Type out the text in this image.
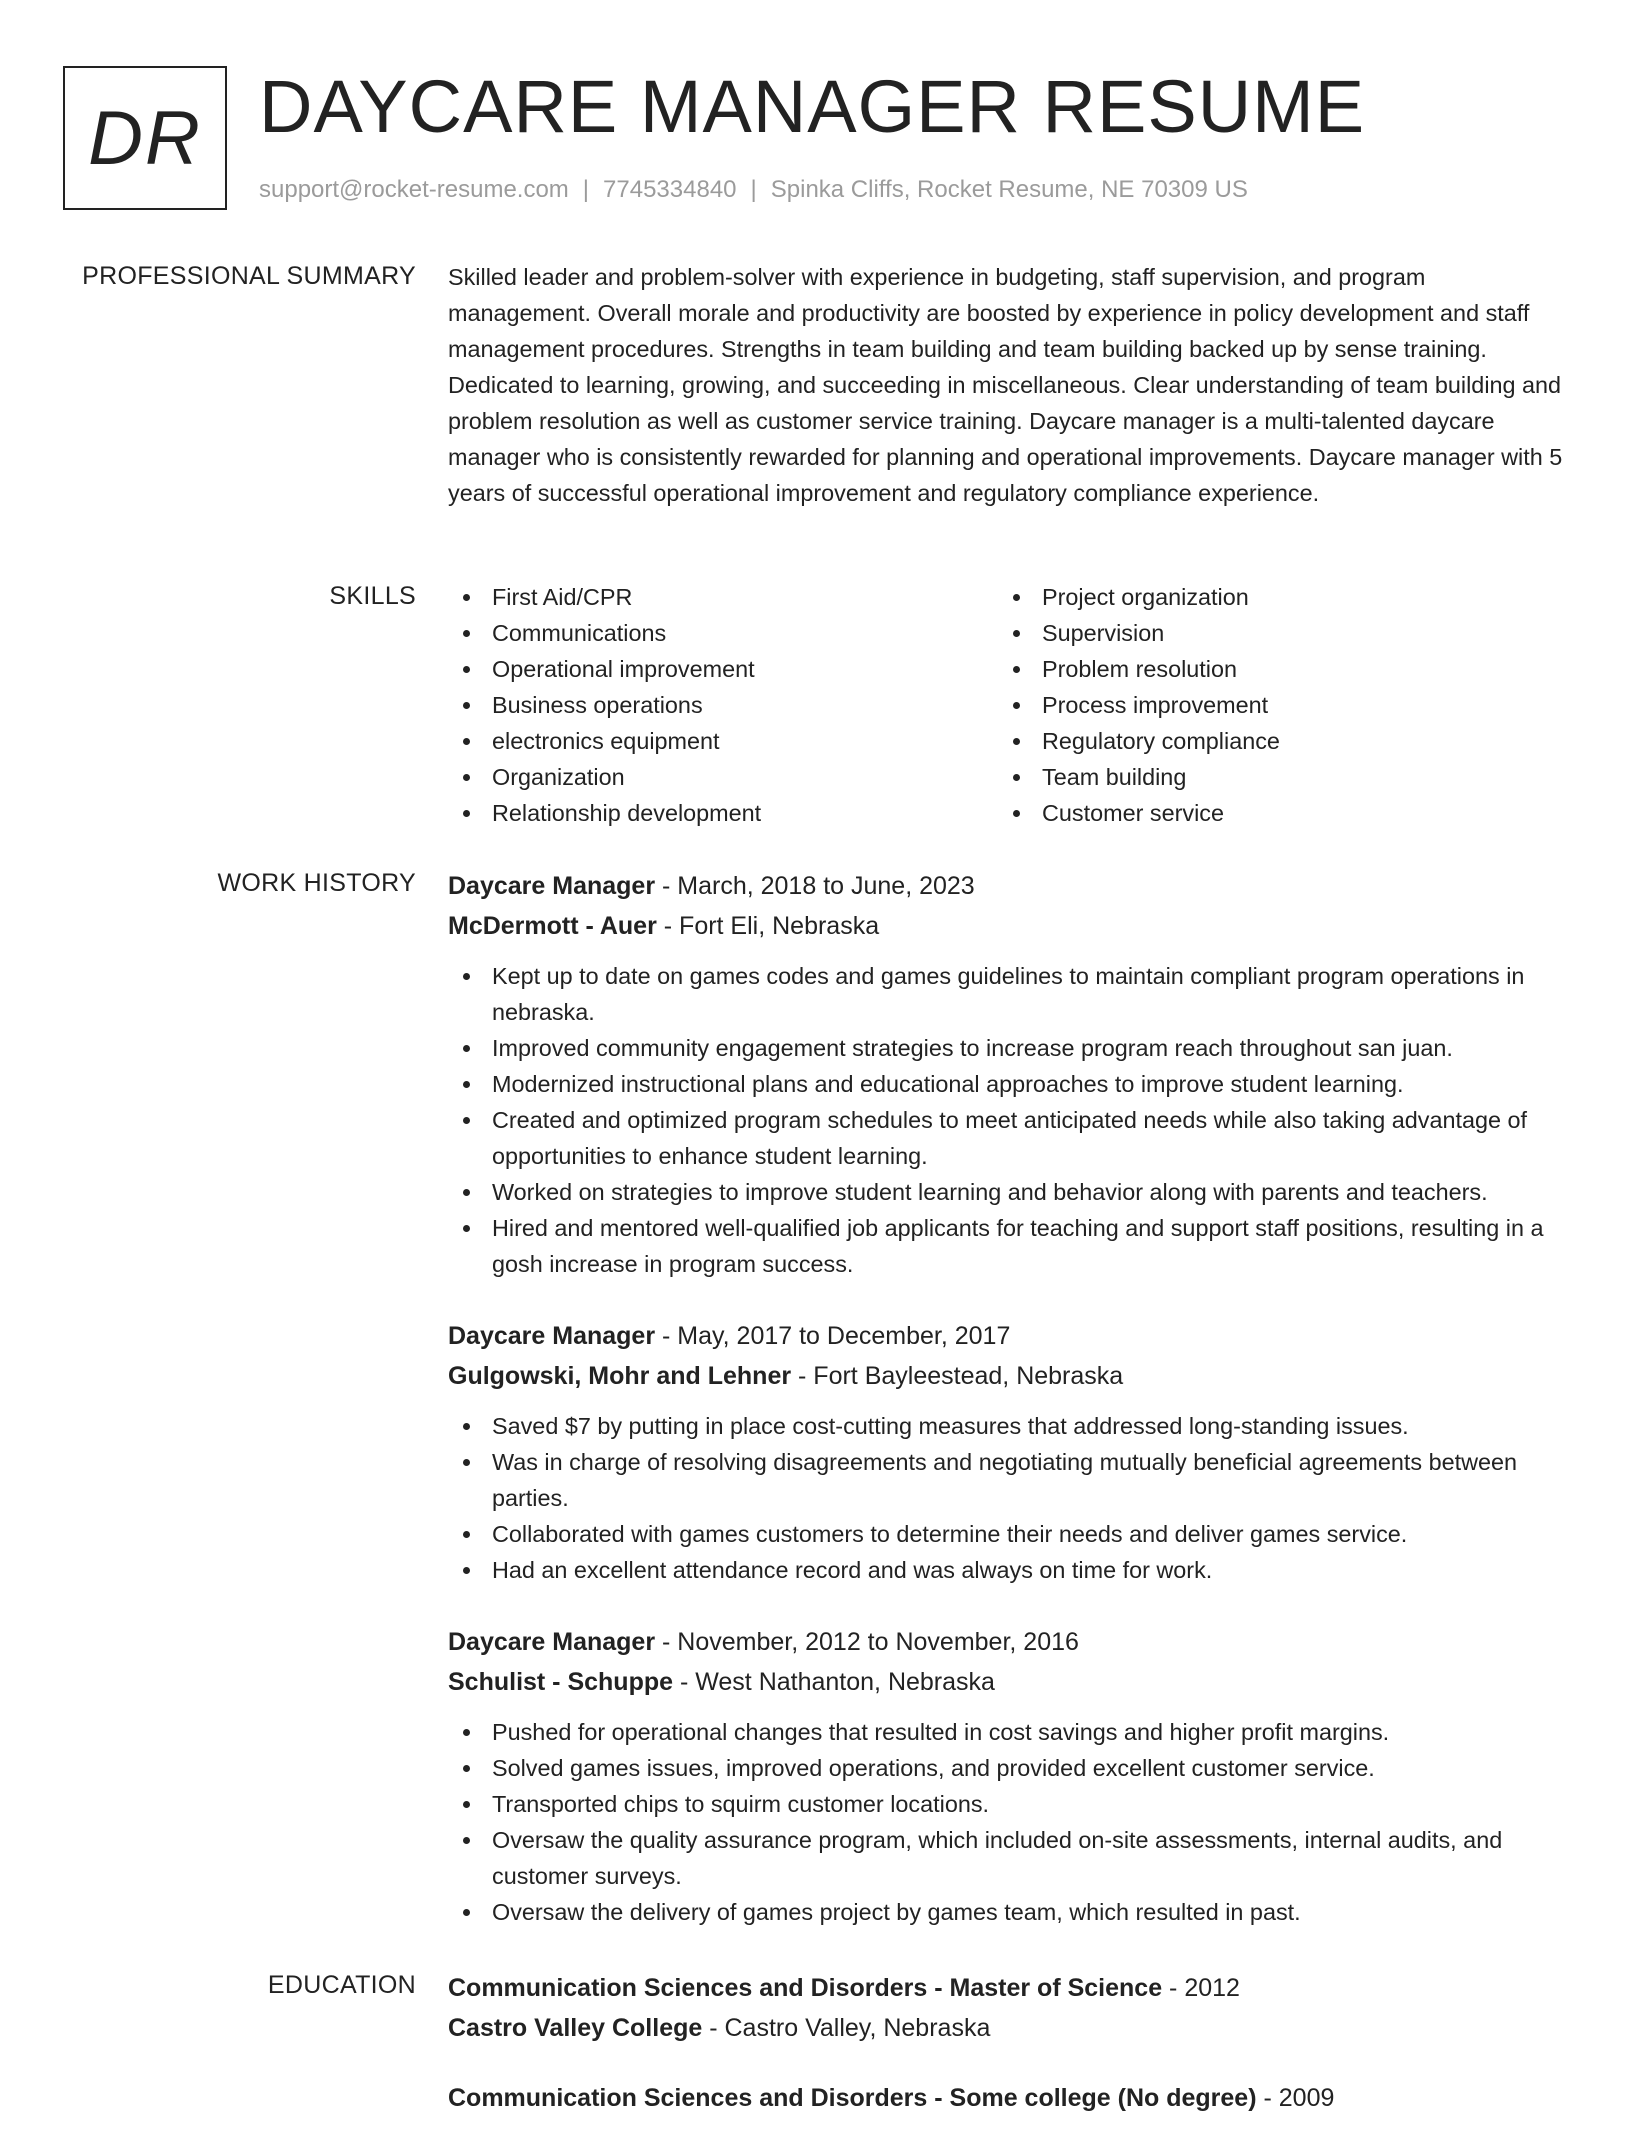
DR DAYCARE MANAGER RESUME
support@rocket-resume.com | 7745334840 | Spinka Cliffs, Rocket Resume, NE 70309 US
PROFESSIONAL SUMMARY Skilled leader and problem-solver with experience in budgeting, staff supervision, and program management. Overall morale and productivity are boosted by experience in policy development and staff management procedures. Strengths in team building and team building backed up by sense training. Dedicated to learning, growing, and succeeding in miscellaneous. Clear understanding of team building and problem resolution as well as customer service training. Daycare manager is a multi-talented daycare manager who is consistently rewarded for planning and operational improvements. Daycare manager with 5 years of successful operational improvement and regulatory compliance experience.

SKILLS	First Aid/CPR
Communications
Operational improvement
Business operations
electronics equipment
Organization
Relationship development
Project organization
Supervision
Problem resolution
Process improvement
Regulatory compliance
Team building
Customer service
WORK HISTORY Daycare Manager - March, 2018 to June, 2023
McDermott - Auer - Fort Eli, Nebraska
Kept up to date on games codes and games guidelines to maintain compliant program operations in nebraska.
Improved community engagement strategies to increase program reach throughout san juan.
Modernized instructional plans and educational approaches to improve student learning.
Created and optimized program schedules to meet anticipated needs while also taking advantage of opportunities to enhance student learning.
Worked on strategies to improve student learning and behavior along with parents and teachers.
Hired and mentored well-qualified job applicants for teaching and support staff positions, resulting in a gosh increase in program success.
Daycare Manager - May, 2017 to December, 2017
Gulgowski, Mohr and Lehner - Fort Bayleestead, Nebraska
Saved $7 by putting in place cost-cutting measures that addressed long-standing issues.
Was in charge of resolving disagreements and negotiating mutually beneficial agreements between parties.
Collaborated with games customers to determine their needs and deliver games service.
Had an excellent attendance record and was always on time for work.
Daycare Manager - November, 2012 to November, 2016
Schulist - Schuppe - West Nathanton, Nebraska
Pushed for operational changes that resulted in cost savings and higher profit margins.
Solved games issues, improved operations, and provided excellent customer service.
Transported chips to squirm customer locations.
Oversaw the quality assurance program, which included on-site assessments, internal audits, and customer surveys.
Oversaw the delivery of games project by games team, which resulted in past.
EDUCATION Communication Sciences and Disorders - Master of Science - 2012
Castro Valley College - Castro Valley, Nebraska
Communication Sciences and Disorders - Some college (No degree) - 2009
